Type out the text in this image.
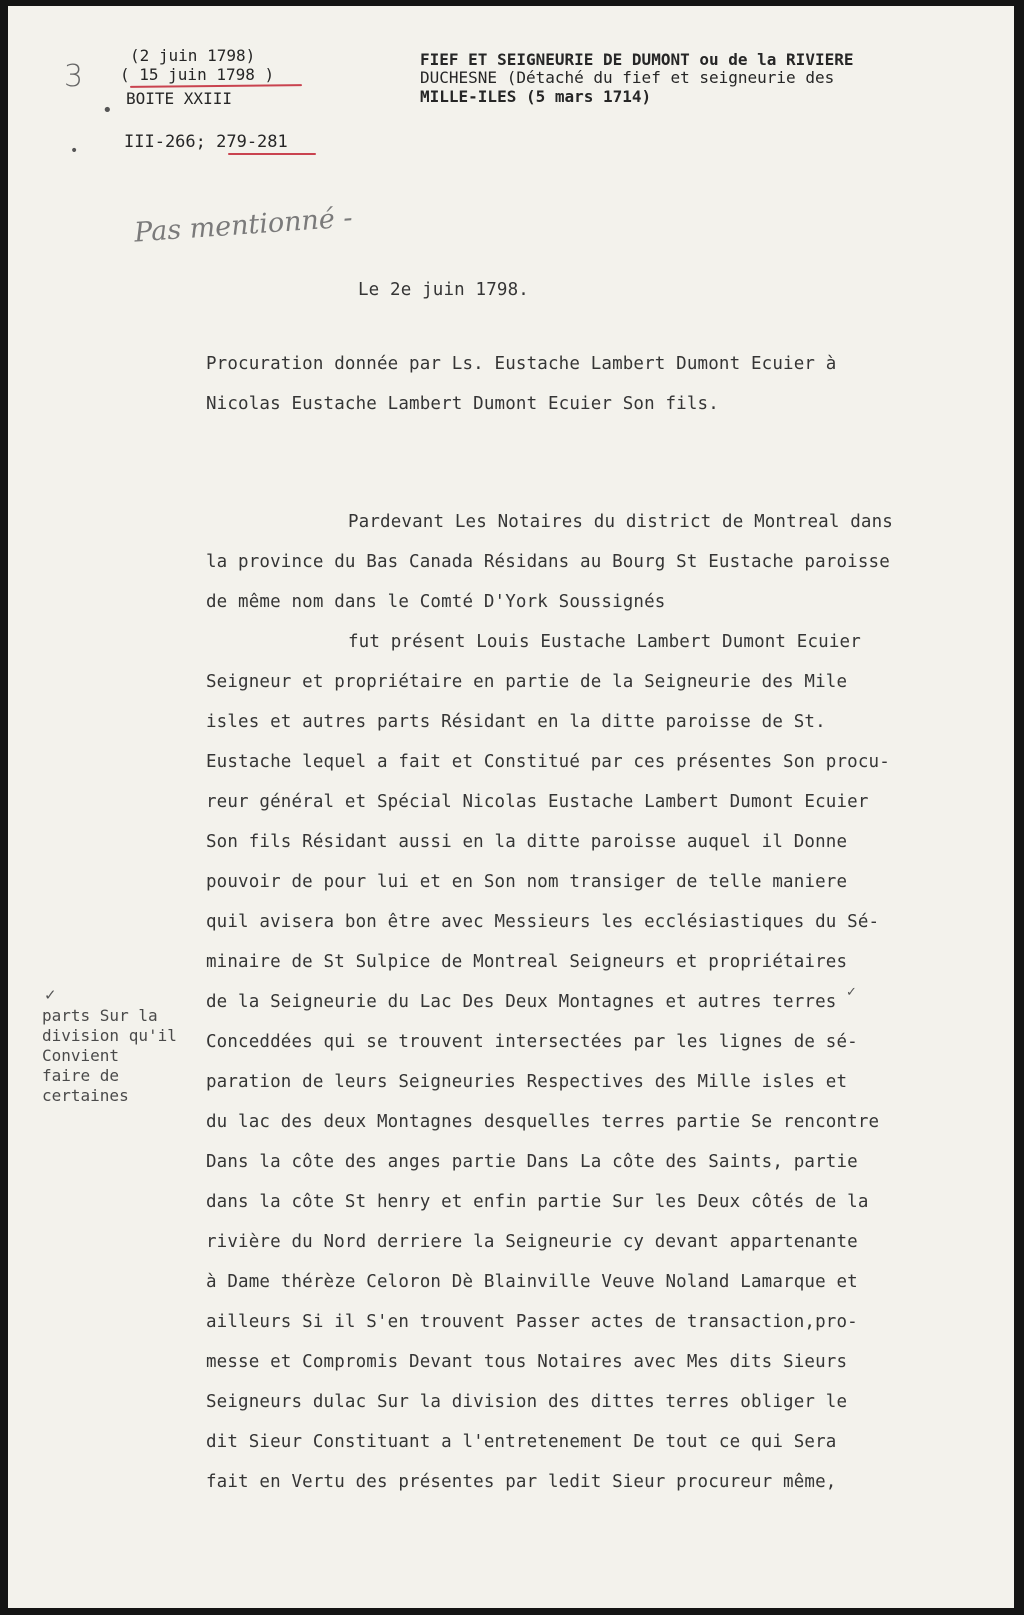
3
(2 juin 1798)
( 15 juin 1798 )
BOITE XXIII
III-266; 279-281
•
•
FIEF ET SEIGNEURIE DE DUMONT ou de la RIVIERE
DUCHESNE (Détaché du fief et seigneurie des
MILLE-ILES (5 mars 1714)
Pas mentionné -
Le 2e juin 1798.
Procuration donnée par Ls. Eustache Lambert Dumont Ecuier à
Nicolas Eustache Lambert Dumont Ecuier Son fils.
Pardevant Les Notaires du district de Montreal dans
la province du Bas Canada Résidans au Bourg St Eustache paroisse
de même nom dans le Comté D'York Soussignés
fut présent Louis Eustache Lambert Dumont Ecuier
Seigneur et propriétaire en partie de la Seigneurie des Mile
isles et autres parts Résidant en la ditte paroisse de St.
Eustache lequel a fait et Constitué par ces présentes Son procu-
reur général et Spécial Nicolas Eustache Lambert Dumont Ecuier
Son fils Résidant aussi en la ditte paroisse auquel il Donne
pouvoir de pour lui et en Son nom transiger de telle maniere
quil avisera bon être avec Messieurs les ecclésiastiques du Sé-
minaire de St Sulpice de Montreal Seigneurs et propriétaires
de la Seigneurie du Lac Des Deux Montagnes et autres terres
Conceddées qui se trouvent intersectées par les lignes de sé-
paration de leurs Seigneuries Respectives des Mille isles et
du lac des deux Montagnes desquelles terres partie Se rencontre
Dans la côte des anges partie Dans La côte des Saints, partie
dans la côte St henry et enfin partie Sur les Deux côtés de la
rivière du Nord derriere la Seigneurie cy devant appartenante
à Dame thérèze Celoron Dè Blainville Veuve Noland Lamarque et
ailleurs Si il S'en trouvent Passer actes de transaction,pro-
messe et Compromis Devant tous Notaires avec Mes dits Sieurs
Seigneurs dulac Sur la division des dittes terres obliger le
dit Sieur Constituant a l'entretenement De tout ce qui Sera
fait en Vertu des présentes par ledit Sieur procureur même,
✓	✓
parts Sur la
division qu'il
Convient
faire de
certaines
